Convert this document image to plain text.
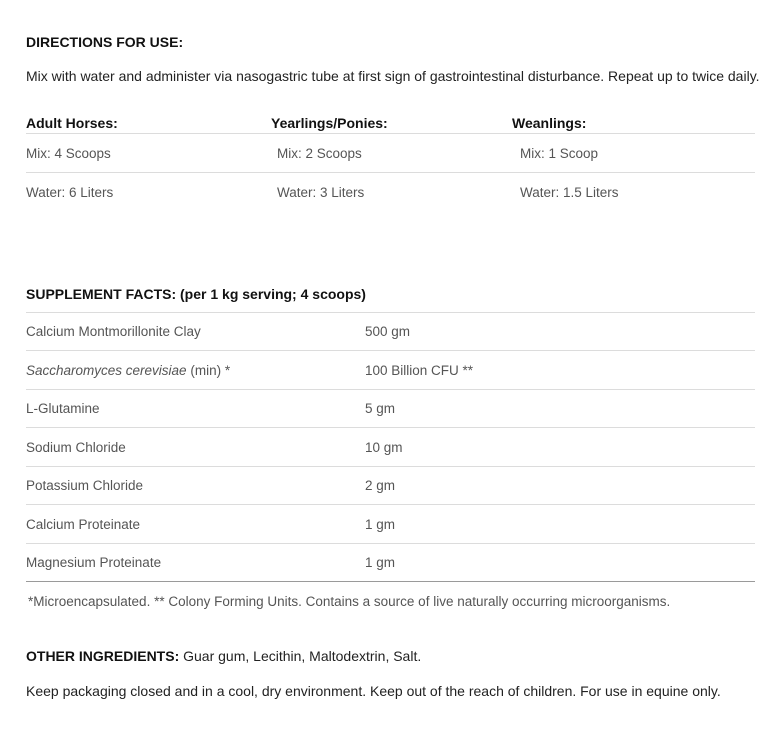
DIRECTIONS FOR USE:
Mix with water and administer via nasogastric tube at first sign of gastrointestinal disturbance. Repeat up to twice daily.
Adult Horses:	Yearlings/Ponies:	Weanlings:
Mix: 4 Scoops	Mix: 2 Scoops	Mix: 1 Scoop
Water: 6 Liters	Water: 3 Liters	Water: 1.5 Liters
SUPPLEMENT FACTS: (per 1 kg serving; 4 scoops)
Calcium Montmorillonite Clay	500 gm
Saccharomyces cerevisiae (min) *	100 Billion CFU **
L-Glutamine	5 gm
Sodium Chloride	10 gm
Potassium Chloride	2 gm
Calcium Proteinate	1 gm
Magnesium Proteinate	1 gm
*Microencapsulated. ** Colony Forming Units. Contains a source of live naturally occurring microorganisms.
OTHER INGREDIENTS: Guar gum, Lecithin, Maltodextrin, Salt.
Keep packaging closed and in a cool, dry environment. Keep out of the reach of children. For use in equine only.
